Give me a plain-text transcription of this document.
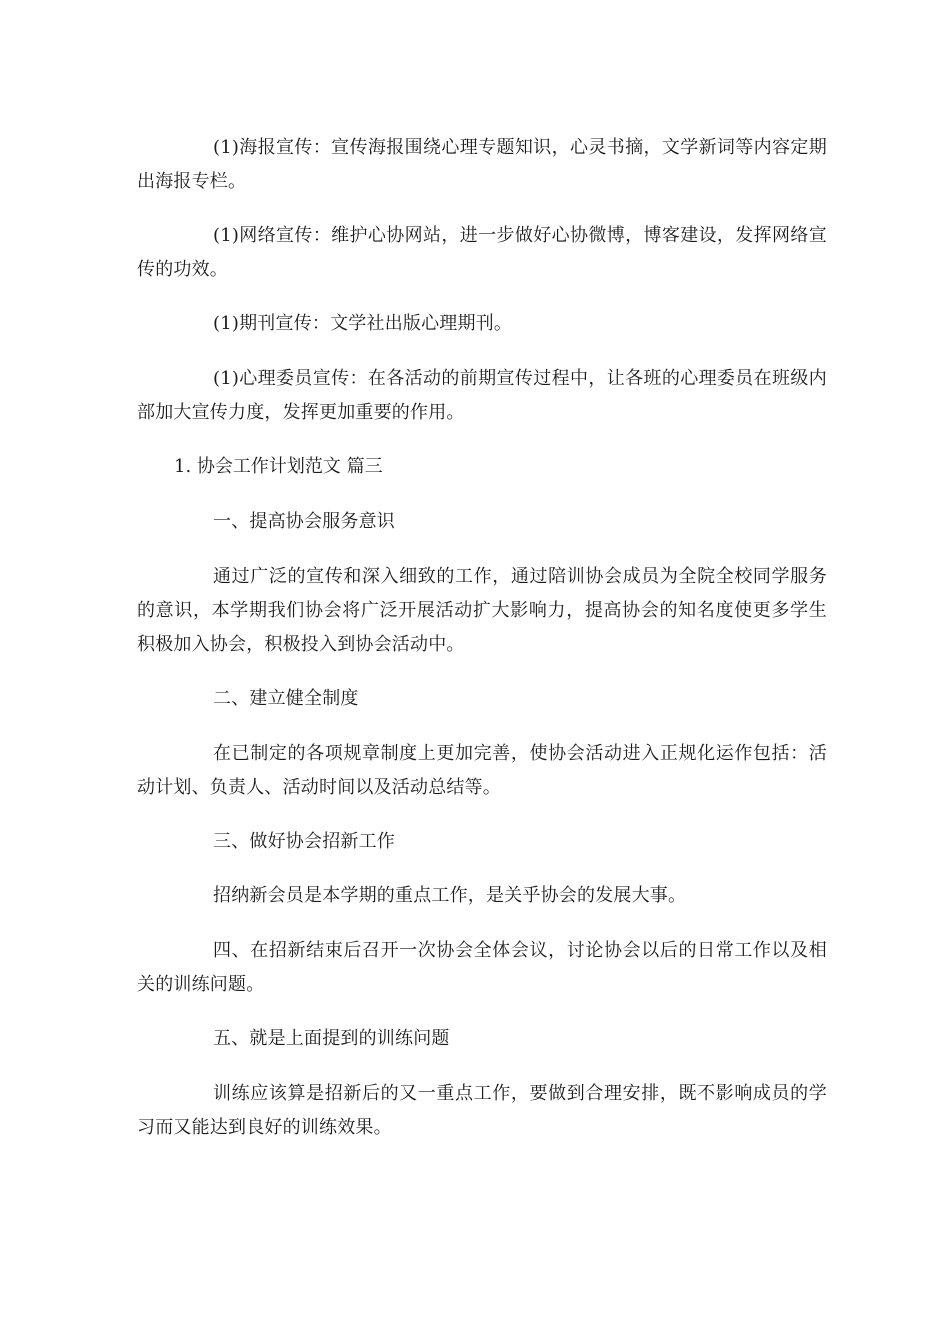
(1)海报宣传：宣传海报围绕心理专题知识，心灵书摘，文学新词等内容定期出海报专栏。

(1)网络宣传：维护心协网站，进一步做好心协微博，博客建设，发挥网络宣传的功效。

(1)期刊宣传：文学社出版心理期刊。

(1)心理委员宣传：在各活动的前期宣传过程中，让各班的心理委员在班级内部加大宣传力度，发挥更加重要的作用。

1. 协会工作计划范文 篇三

一、提高协会服务意识

通过广泛的宣传和深入细致的工作，通过陪训协会成员为全院全校同学服务的意识，本学期我们协会将广泛开展活动扩大影响力，提高协会的知名度使更多学生积极加入协会，积极投入到协会活动中。

二、建立健全制度

在已制定的各项规章制度上更加完善，使协会活动进入正规化运作包括：活动计划、负责人、活动时间以及活动总结等。

三、做好协会招新工作

招纳新会员是本学期的重点工作，是关乎协会的发展大事。

四、在招新结束后召开一次协会全体会议，讨论协会以后的日常工作以及相关的训练问题。

五、就是上面提到的训练问题

训练应该算是招新后的又一重点工作，要做到合理安排，既不影响成员的学习而又能达到良好的训练效果。
